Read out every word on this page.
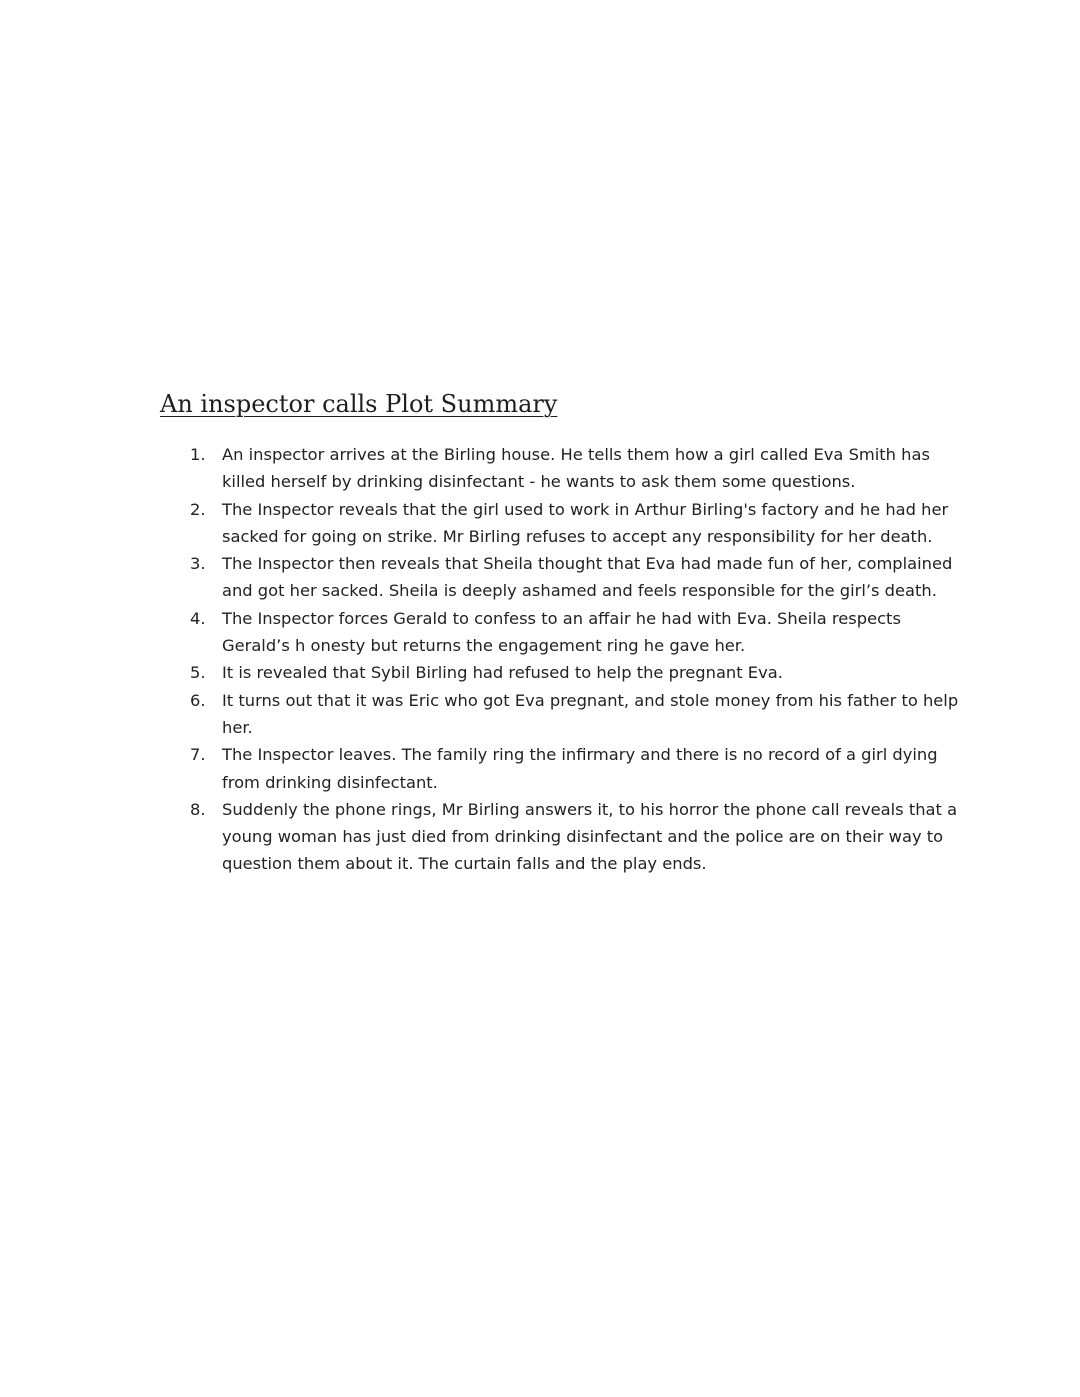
An inspector calls Plot Summary
1.	An inspector arrives at the Birling house. He tells them how a girl called Eva Smith has killed herself by drinking disinfectant - he wants to ask them some questions.
2.	The Inspector reveals that the girl used to work in Arthur Birling's factory and he had her sacked for going on strike. Mr Birling refuses to accept any responsibility for her death.
3.	The Inspector then reveals that Sheila thought that Eva had made fun of her, complained and got her sacked. Sheila is deeply ashamed and feels responsible for the girl’s death.
4.	The Inspector forces Gerald to confess to an affair he had with Eva. Sheila respects Gerald’s h onesty but returns the engagement ring he gave her.
5.	It is revealed that Sybil Birling had refused to help the pregnant Eva.
6.	It turns out that it was Eric who got Eva pregnant, and stole money from his father to help her.
7.	The Inspector leaves. The family ring the infirmary and there is no record of a girl dying from drinking disinfectant.
8.	Suddenly the phone rings, Mr Birling answers it, to his horror the phone call reveals that a young woman has just died from drinking disinfectant and the police are on their way to question them about it. The curtain falls and the play ends.
